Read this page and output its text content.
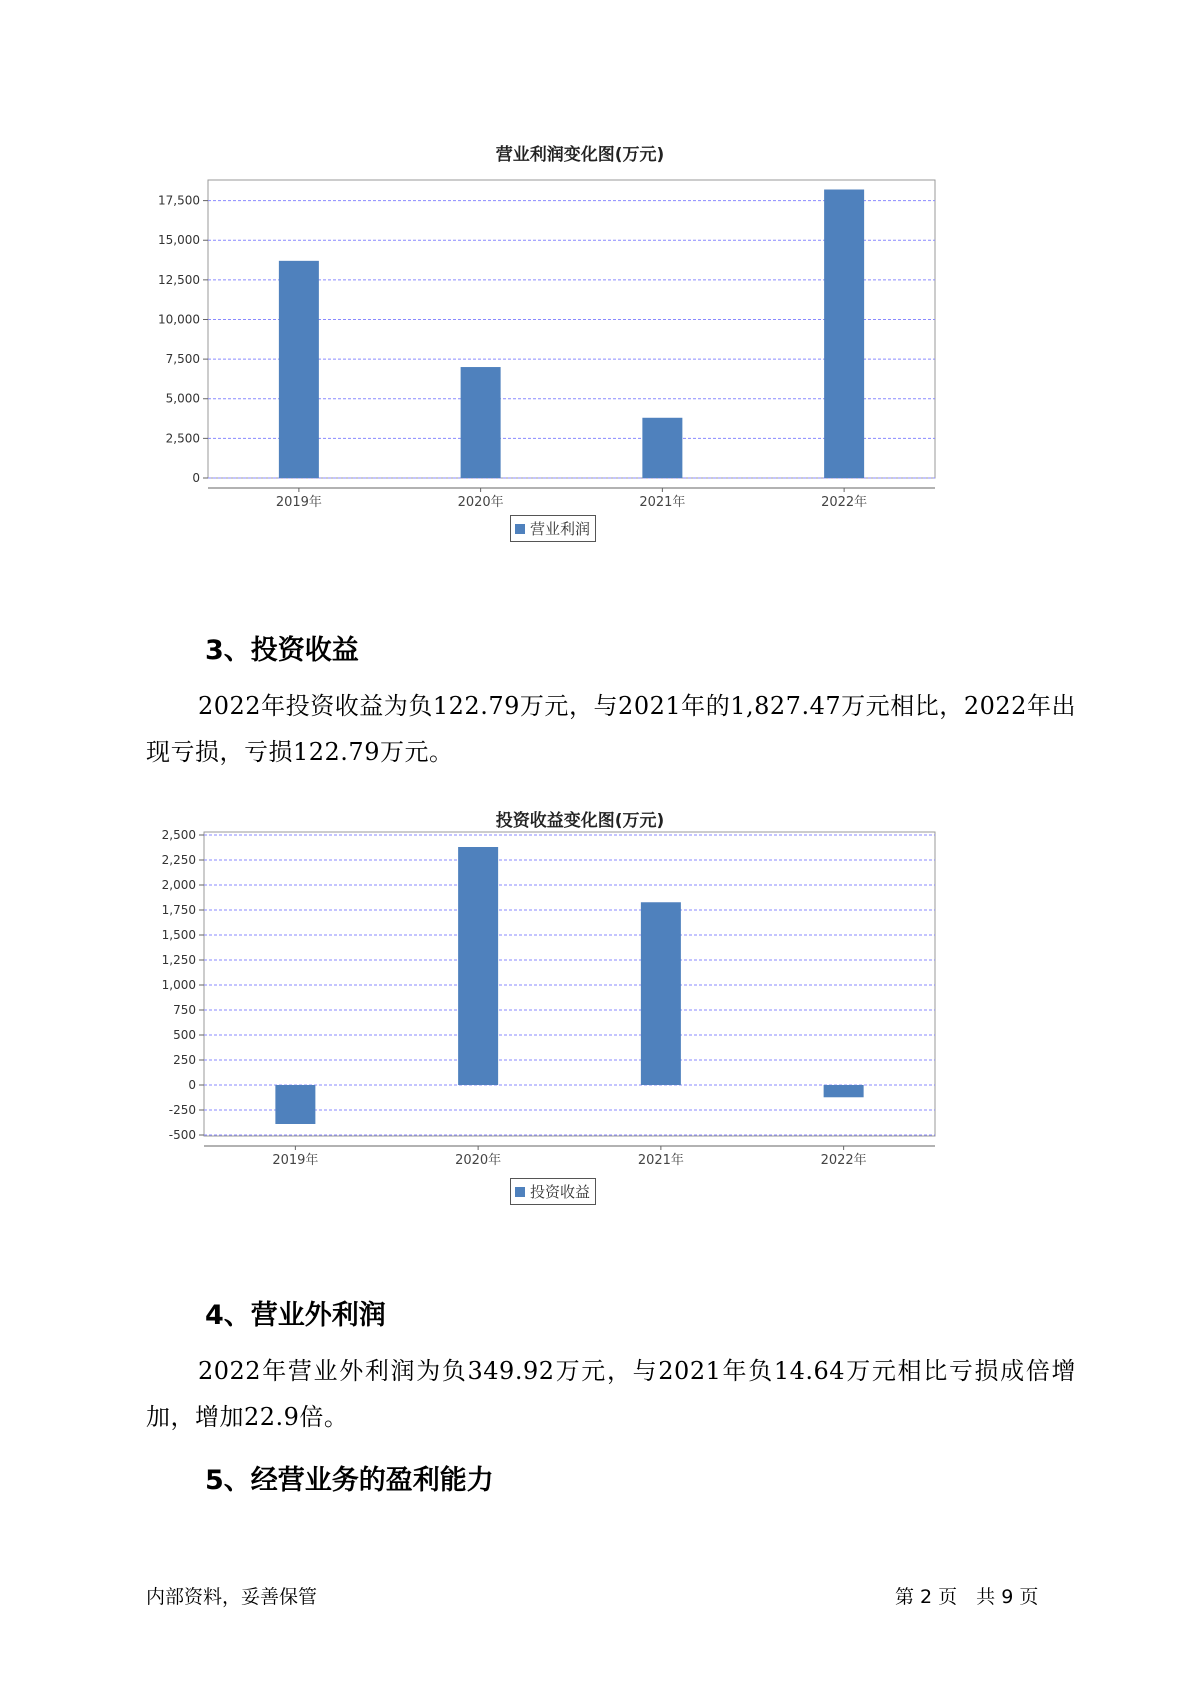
营业利润变化图(万元)
0
2,500
5,000
7,500
10,000
12,500
15,000
17,500
2019年	2020年	2021年	2022年
营业利润
3、投资收益

2022年投资收益为负122.79万元，与2021年的1,827.47万元相比，2022年出现亏损，亏损122.79万元。

投资收益变化图(万元)
-500
-250
0
250
500
750
1,000
1,250
1,500
1,750
2,000
2,250
2,500
2019年	2020年	2021年	2022年
投资收益
4、营业外利润

2022年营业外利润为负349.92万元，与2021年负14.64万元相比亏损成倍增加，增加22.9倍。

5、经营业务的盈利能力
内部资料，妥善保管	第 2 页　共 9 页
